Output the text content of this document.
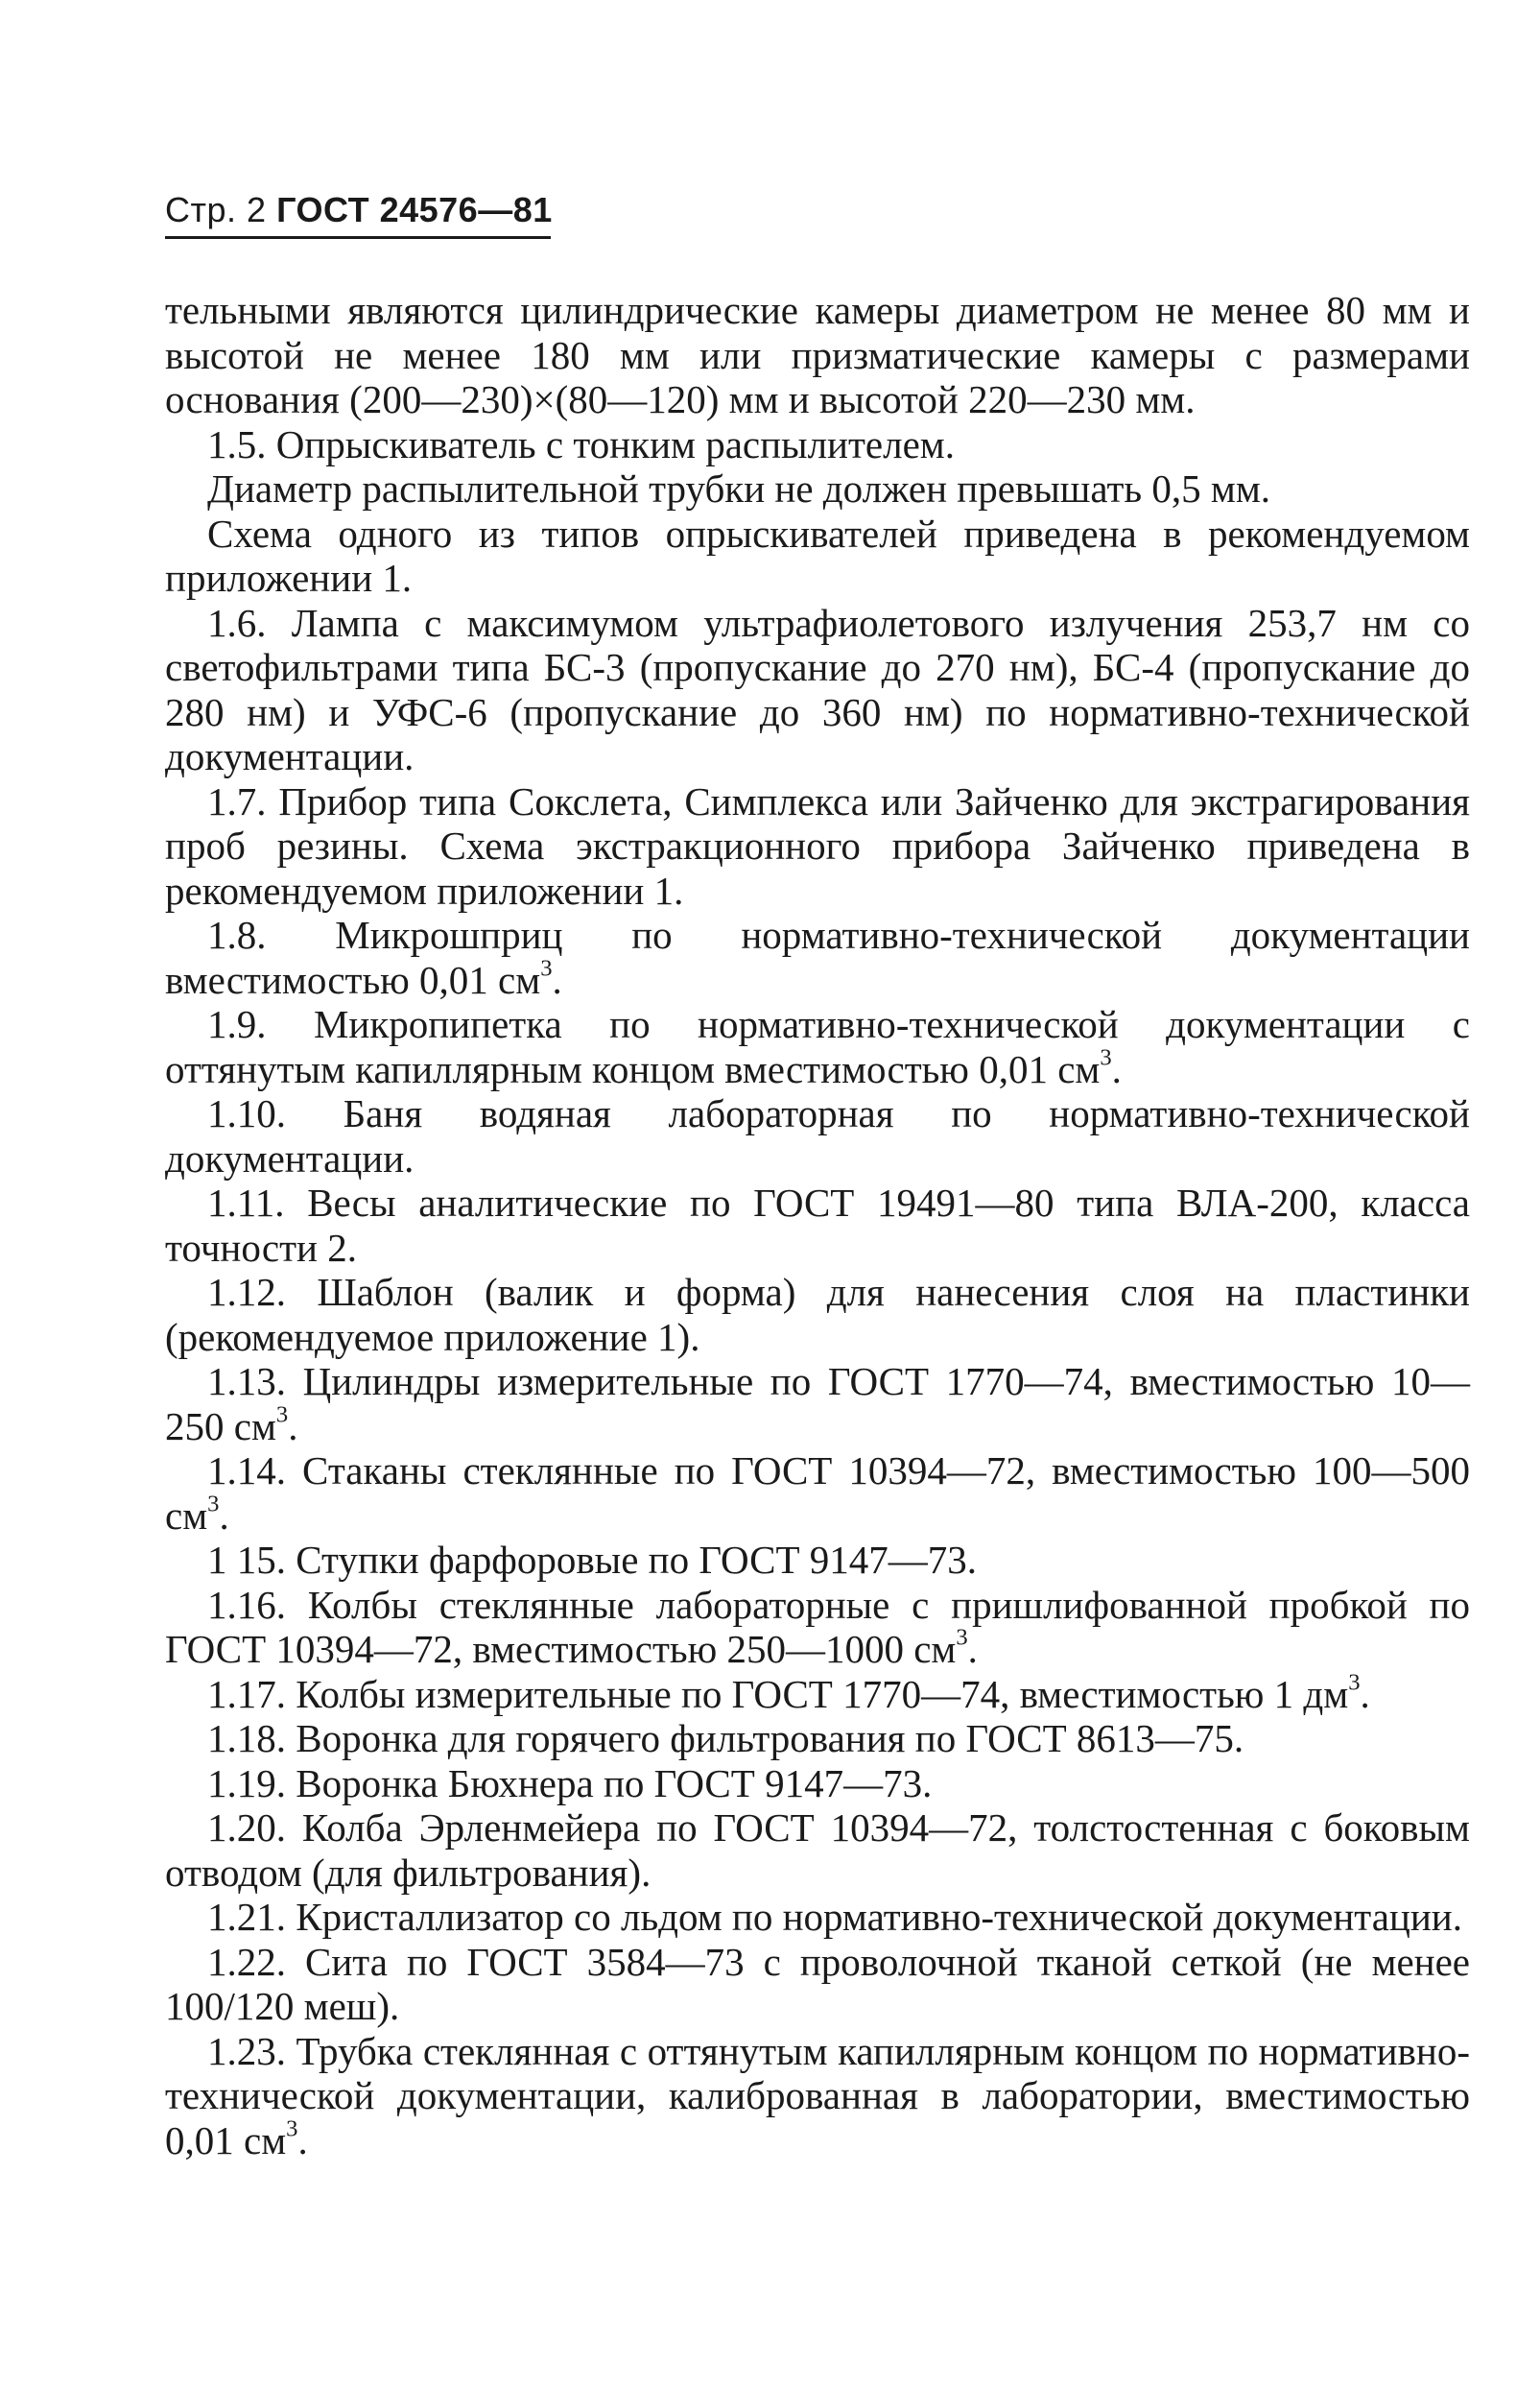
Стр. 2 ГОСТ 24576—81

тельными являются цилиндрические камеры диаметром не менее 80 мм и высотой не менее 180 мм или призматические камеры с размерами основания (200—230)×(80—120) мм и высотой 220—230 мм.

1.5. Опрыскиватель с тонким распылителем.

Диаметр распылительной трубки не должен превышать 0,5 мм.

Схема одного из типов опрыскивателей приведена в рекомендуемом приложении 1.

1.6. Лампа с максимумом ультрафиолетового излучения 253,7 нм со светофильтрами типа БС-3 (пропускание до 270 нм), БС-4 (пропускание до 280 нм) и УФС-6 (пропускание до 360 нм) по нормативно-технической документации.

1.7. Прибор типа Сокслета, Симплекса или Зайченко для экстрагирования проб резины. Схема экстракционного прибора Зайченко приведена в рекомендуемом приложении 1.

1.8. Микрошприц по нормативно-технической документации вместимостью 0,01 $см^3$.

1.9. Микропипетка по нормативно-технической документации с оттянутым капиллярным концом вместимостью 0,01 $см^3$.

1.10. Баня водяная лабораторная по нормативно-технической документации.

1.11. Весы аналитические по ГОСТ 19491—80 типа ВЛА-200, класса точности 2.

1.12. Шаблон (валик и форма) для нанесения слоя на пластинки (рекомендуемое приложение 1).

1.13. Цилиндры измерительные по ГОСТ 1770—74, вместимостью 10—250 $см^3$.

1.14. Стаканы стеклянные по ГОСТ 10394—72, вместимостью 100—500 $см^3$.

1 15. Ступки фарфоровые по ГОСТ 9147—73.

1.16. Колбы стеклянные лабораторные с пришлифованной пробкой по ГОСТ 10394—72, вместимостью 250—1000 $см^3$.

1.17. Колбы измерительные по ГОСТ 1770—74, вместимостью 1 $дм^3$.

1.18. Воронка для горячего фильтрования по ГОСТ 8613—75.

1.19. Воронка Бюхнера по ГОСТ 9147—73.

1.20. Колба Эрленмейера по ГОСТ 10394—72, толстостенная с боковым отводом (для фильтрования).

1.21. Кристаллизатор со льдом по нормативно-технической документации.

1.22. Сита по ГОСТ 3584—73 с проволочной тканой сеткой (не менее 100/120 меш).

1.23. Трубка стеклянная с оттянутым капиллярным концом по нормативно-технической документации, калиброванная в лаборатории, вместимостью 0,01 $см^3$.
